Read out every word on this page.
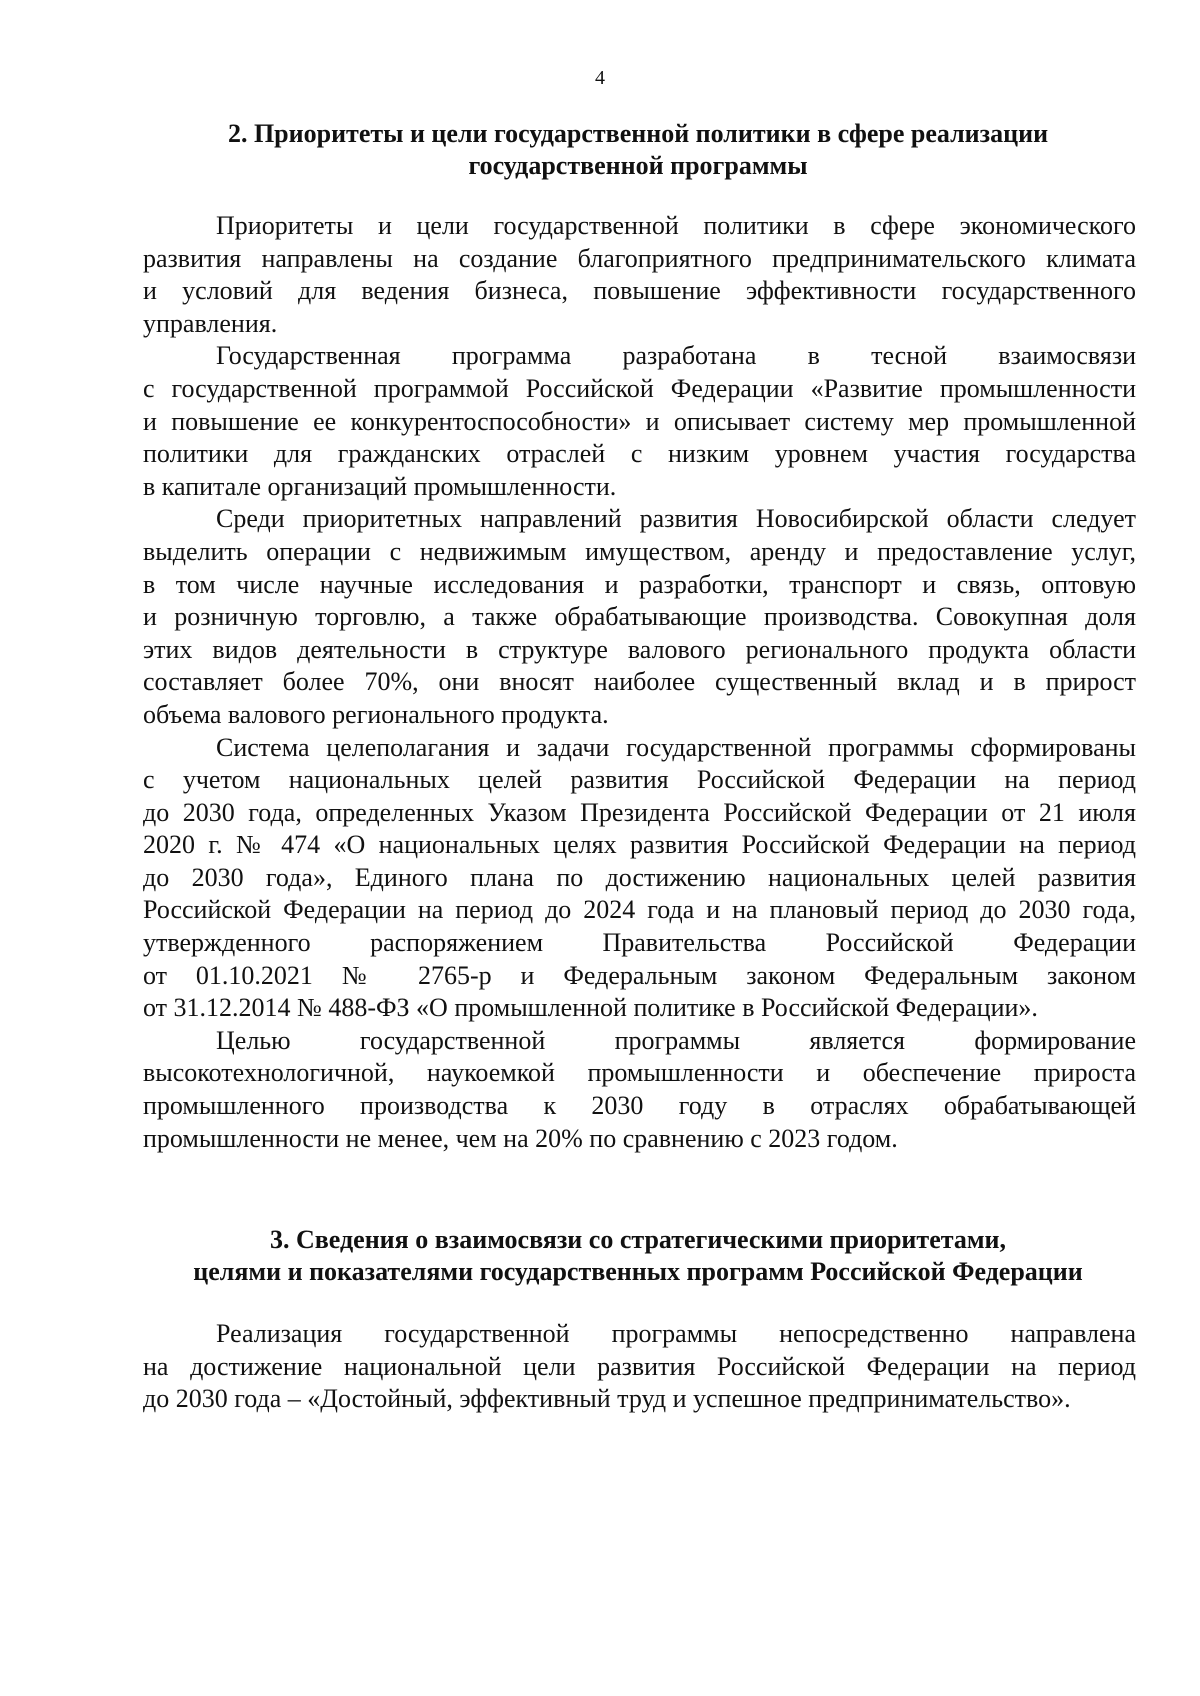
4
2. Приоритеты и цели государственной политики в сфере реализации
государственной программы

Приоритеты и цели государственной политики в сфере экономического
развития направлены на создание благоприятного предпринимательского климата
и условий для ведения бизнеса, повышение эффективности государственного
управления.

Государственная программа разработана в тесной взаимосвязи
с государственной программой Российской Федерации «Развитие промышленности
и повышение ее конкурентоспособности» и описывает систему мер промышленной
политики для гражданских отраслей с низким уровнем участия государства
в капитале организаций промышленности.

Среди приоритетных направлений развития Новосибирской области следует
выделить операции с недвижимым имуществом, аренду и предоставление услуг,
в том числе научные исследования и разработки, транспорт и связь, оптовую
и розничную торговлю, а также обрабатывающие производства. Совокупная доля
этих видов деятельности в структуре валового регионального продукта области
составляет более 70%, они вносят наиболее существенный вклад и в прирост
объема валового регионального продукта.

Система целеполагания и задачи государственной программы сформированы
с учетом национальных целей развития Российской Федерации на период
до 2030 года, определенных Указом Президента Российской Федерации от 21 июля
2020 г. № 474 «О национальных целях развития Российской Федерации на период
до 2030 года», Единого плана по достижению национальных целей развития
Российской Федерации на период до 2024 года и на плановый период до 2030 года,
утвержденного распоряжением Правительства Российской Федерации
от 01.10.2021 № 2765-р и Федеральным законом Федеральным законом
от 31.12.2014 № 488-ФЗ «О промышленной политике в Российской Федерации».

Целью государственной программы является формирование
высокотехнологичной, наукоемкой промышленности и обеспечение прироста
промышленного производства к 2030 году в отраслях обрабатывающей
промышленности не менее, чем на 20% по сравнению с 2023 годом.

3. Сведения о взаимосвязи со стратегическими приоритетами,
целями и показателями государственных программ Российской Федерации

Реализация государственной программы непосредственно направлена
на достижение национальной цели развития Российской Федерации на период
до 2030 года – «Достойный, эффективный труд и успешное предпринимательство».
